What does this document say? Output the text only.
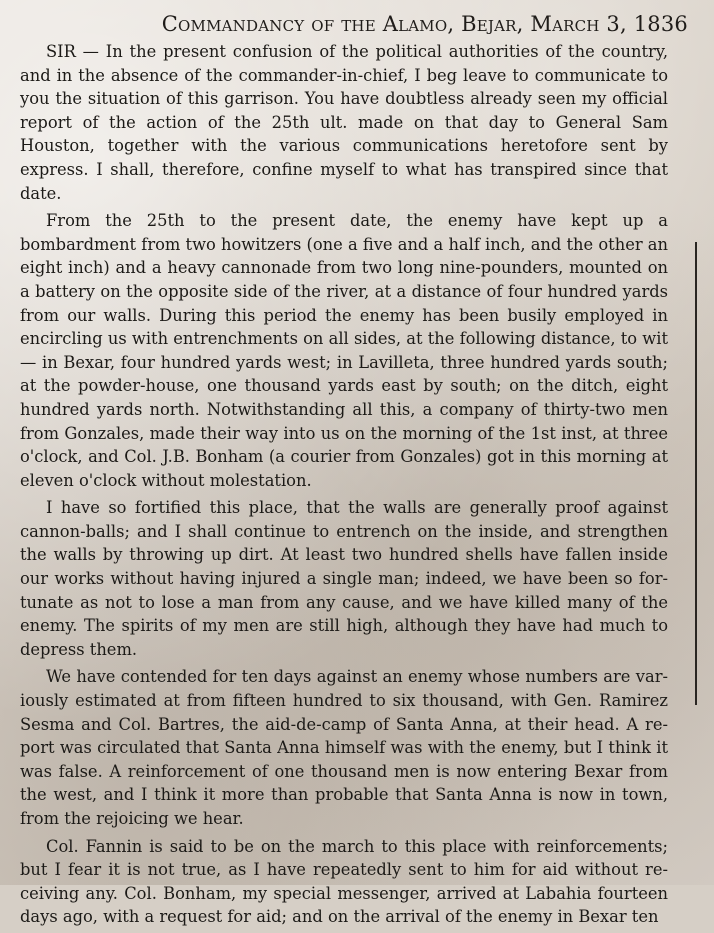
Commandancy of the Alamo, Bejar, March 3, 1836

SIR — In the present confusion of the political authorities of the country, and in the absence of the commander-in-chief, I beg leave to communicate to you the situation of this garrison. You have doubtless already seen my official report of the action of the 25th ult. made on that day to General Sam Houston, together with the various communications heretofore sent by express. I shall, therefore, confine myself to what has transpired since that date.

From the 25th to the present date, the enemy have kept up a bombardment from two howitzers (one a five and a half inch, and the other an eight inch) and a heavy cannonade from two long nine-pounders, mounted on a battery on the opposite side of the river, at a distance of four hundred yards from our walls. During this period the enemy has been busily employed in encircling us with entrenchments on all sides, at the following distance, to wit — in Bexar, four hundred yards west; in Lavilleta, three hundred yards south; at the powder-house, one thousand yards east by south; on the ditch, eight hundred yards north. Notwithstanding all this, a company of thirty-two men from Gonzales, made their way into us on the morning of the 1st inst, at three o'clock, and Col. J.B. Bonham (a courier from Gonzales) got in this morning at eleven o'clock without molestation.

I have so fortified this place, that the walls are generally proof against cannon-balls; and I shall continue to entrench on the inside, and strengthen the walls by throwing up dirt. At least two hundred shells have fallen inside our works without having injured a single man; indeed, we have been so fortunate as not to lose a man from any cause, and we have killed many of the enemy. The spirits of my men are still high, although they have had much to depress them.

We have contended for ten days against an enemy whose numbers are variously estimated at from fifteen hundred to six thousand, with Gen. Ramirez Sesma and Col. Bartres, the aid-de-camp of Santa Anna, at their head. A report was circulated that Santa Anna himself was with the enemy, but I think it was false. A reinforcement of one thousand men is now entering Bexar from the west, and I think it more than probable that Santa Anna is now in town, from the rejoicing we hear.

Col. Fannin is said to be on the march to this place with reinforcements; but I fear it is not true, as I have repeatedly sent to him for aid without receiving any. Col. Bonham, my special messenger, arrived at Labahia fourteen days ago, with a request for aid; and on the arrival of the enemy in Bexar ten
